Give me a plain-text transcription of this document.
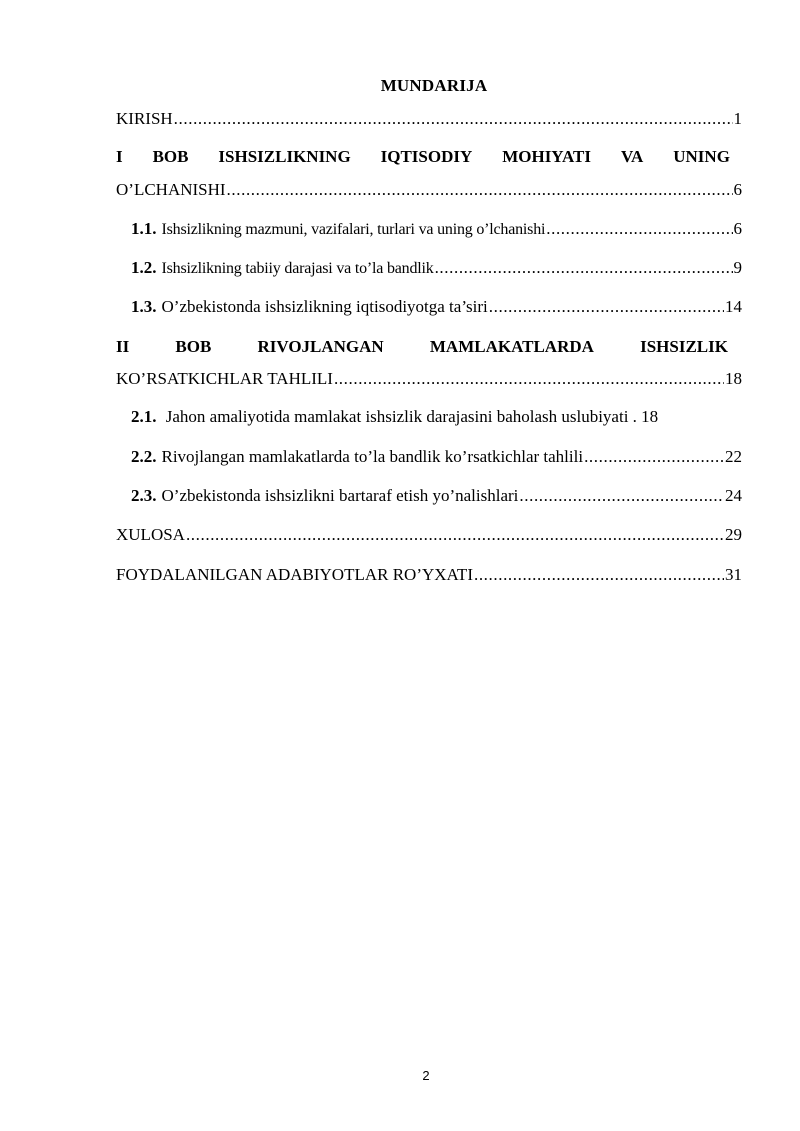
MUNDARIJA
KIRISH .....	1
I BOB ISHSIZLIKNING IQTISODIY MOHIYATI VA UNING
O’LCHANISHI .....	6
1.1. Ishsizlikning mazmuni, vazifalari, turlari va uning o’lchanishi .....	6
1.2. Ishsizlikning tabiiy darajasi va to’la bandlik .....	9
1.3. O’zbekistonda ishsizlikning iqtisodiyotga ta’siri .....	14
II	BOB	RIVOJLANGAN	MAMLAKATLARDA	ISHSIZLIK
KO’RSATKICHLAR TAHLILI .....	18
2.1. Jahon amaliyotida mamlakat ishsizlik darajasini baholash uslubiyati . 18
2.2. Rivojlangan mamlakatlarda to’la bandlik ko’rsatkichlar tahlili .....	22
2.3. O’zbekistonda ishsizlikni bartaraf etish yo’nalishlari .....	24
XULOSA .....	29
FOYDALANILGAN ADABIYOTLAR RO’YXATI .....	31
2
